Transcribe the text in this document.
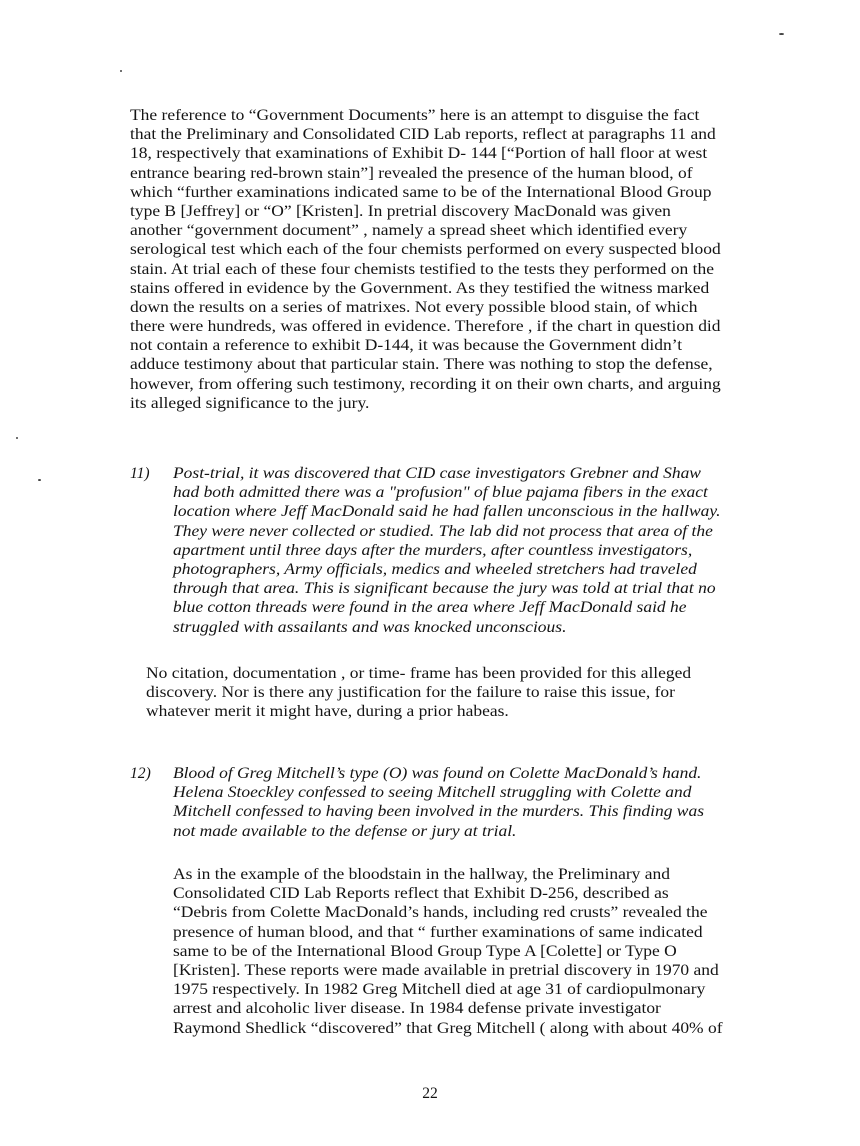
The reference to “Government Documents” here is an attempt to disguise the fact
that the Preliminary and Consolidated CID Lab reports, reflect at paragraphs 11 and
18, respectively that examinations of Exhibit D- 144 [“Portion of hall floor at west
entrance bearing red-brown stain”] revealed the presence of the human blood, of
which “further examinations indicated same to be of the International Blood Group
type B [Jeffrey] or “O” [Kristen]. In pretrial discovery MacDonald was given
another “government document” , namely a spread sheet which identified every
serological test which each of the four chemists performed on every suspected blood
stain. At trial each of these four chemists testified to the tests they performed on the
stains offered in evidence by the Government. As they testified the witness marked
down the results on a series of matrixes. Not every possible blood stain, of which
there were hundreds, was offered in evidence. Therefore , if the chart in question did
not contain a reference to exhibit D-144, it was because the Government didn’t
adduce testimony about that particular stain. There was nothing to stop the defense,
however, from offering such testimony, recording it on their own charts, and arguing
its alleged significance to the jury.
11) Post-trial, it was discovered that CID case investigators Grebner and Shaw
had both admitted there was a "profusion" of blue pajama fibers in the exact
location where Jeff MacDonald said he had fallen unconscious in the hallway.
They were never collected or studied. The lab did not process that area of the
apartment until three days after the murders, after countless investigators,
photographers, Army officials, medics and wheeled stretchers had traveled
through that area. This is significant because the jury was told at trial that no
blue cotton threads were found in the area where Jeff MacDonald said he
struggled with assailants and was knocked unconscious.
No citation, documentation , or time- frame has been provided for this alleged
discovery. Nor is there any justification for the failure to raise this issue, for
whatever merit it might have, during a prior habeas.
12) Blood of Greg Mitchell’s type (O) was found on Colette MacDonald’s hand.
Helena Stoeckley confessed to seeing Mitchell struggling with Colette and
Mitchell confessed to having been involved in the murders. This finding was
not made available to the defense or jury at trial.
As in the example of the bloodstain in the hallway, the Preliminary and
Consolidated CID Lab Reports reflect that Exhibit D-256, described as
“Debris from Colette MacDonald’s hands, including red crusts” revealed the
presence of human blood, and that “ further examinations of same indicated
same to be of the International Blood Group Type A [Colette] or Type O
[Kristen]. These reports were made available in pretrial discovery in 1970 and
1975 respectively. In 1982 Greg Mitchell died at age 31 of cardiopulmonary
arrest and alcoholic liver disease. In 1984 defense private investigator
Raymond Shedlick “discovered” that Greg Mitchell ( along with about 40% of
22
